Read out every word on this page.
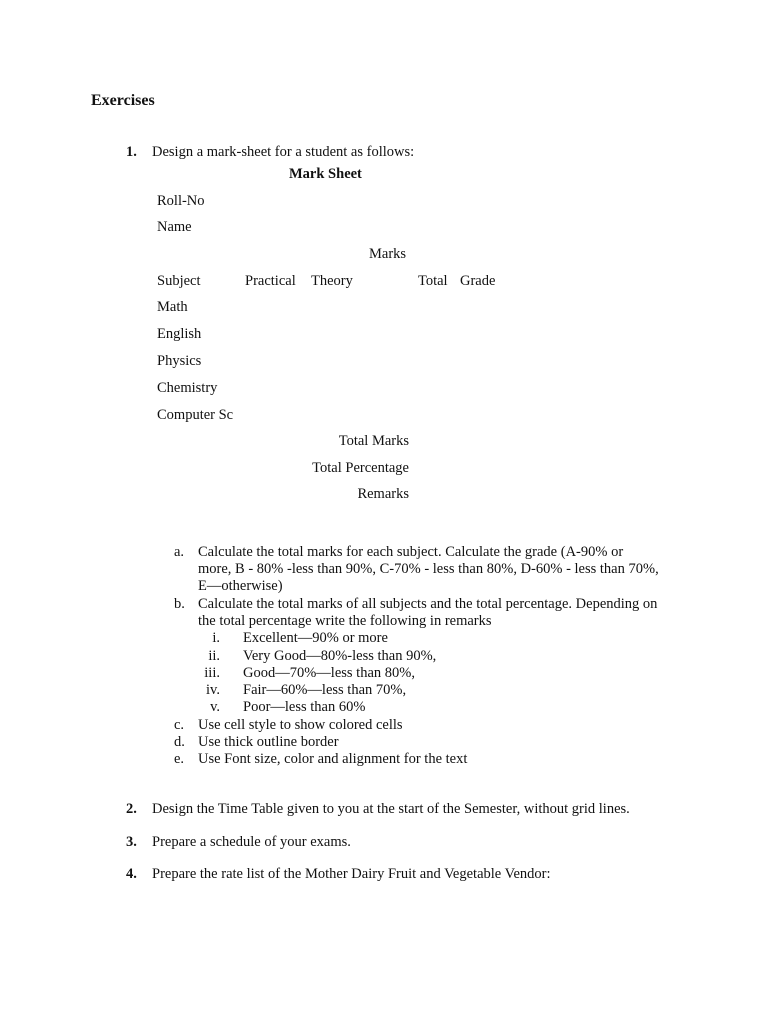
Exercises
1. Design a mark-sheet for a student as follows:
Mark Sheet
Roll-No
Name
Marks
Subject	Practical Theory	Total Grade
Math
English
Physics
Chemistry
Computer Sc
Total Marks
Total Percentage
Remarks
a. Calculate the total marks for each subject. Calculate the grade (A-90% or
more, B - 80% -less than 90%, C-70% - less than 80%, D-60% - less than 70%,
E—otherwise)
b. Calculate the total marks of all subjects and the total percentage. Depending on
the total percentage write the following in remarks
i. Excellent—90% or more
ii. Very Good—80%-less than 90%,
iii. Good—70%—less than 80%,
iv. Fair—60%—less than 70%,
v. Poor—less than 60%
c. Use cell style to show colored cells
d. Use thick outline border
e. Use Font size, color and alignment for the text
2. Design the Time Table given to you at the start of the Semester, without grid lines.
3. Prepare a schedule of your exams.
4. Prepare the rate list of the Mother Dairy Fruit and Vegetable Vendor:
